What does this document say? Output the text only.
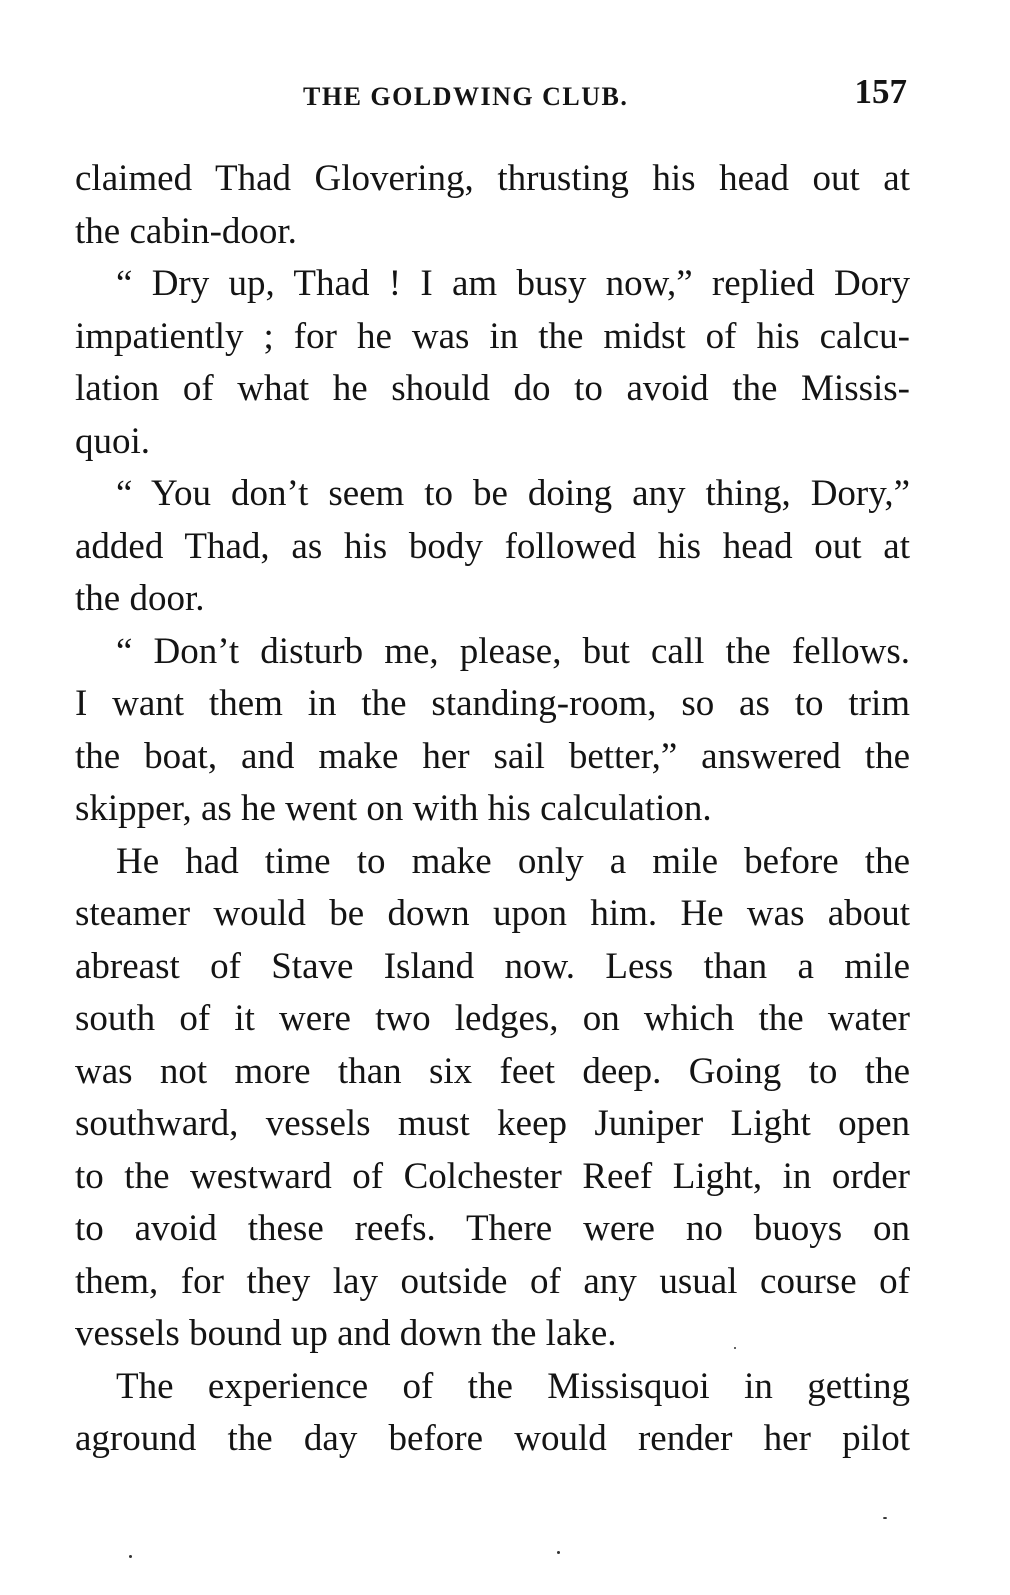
THE GOLDWING CLUB.	157
claimed Thad Glovering, thrusting his head out at
the cabin-door.
“ Dry up, Thad ! I am busy now,” replied Dory
impatiently ; for he was in the midst of his calcu-
lation of what he should do to avoid the Missis-
quoi.
“ You don’t seem to be doing any thing, Dory,”
added Thad, as his body followed his head out at
the door.
“ Don’t disturb me, please, but call the fellows.
I want them in the standing-room, so as to trim
the boat, and make her sail better,” answered the
skipper, as he went on with his calculation.
He had time to make only a mile before the
steamer would be down upon him. He was about
abreast of Stave Island now. Less than a mile
south of it were two ledges, on which the water
was not more than six feet deep. Going to the
southward, vessels must keep Juniper Light open
to the westward of Colchester Reef Light, in order
to avoid these reefs. There were no buoys on
them, for they lay outside of any usual course of
vessels bound up and down the lake.
The experience of the Missisquoi in getting
aground the day before would render her pilot
